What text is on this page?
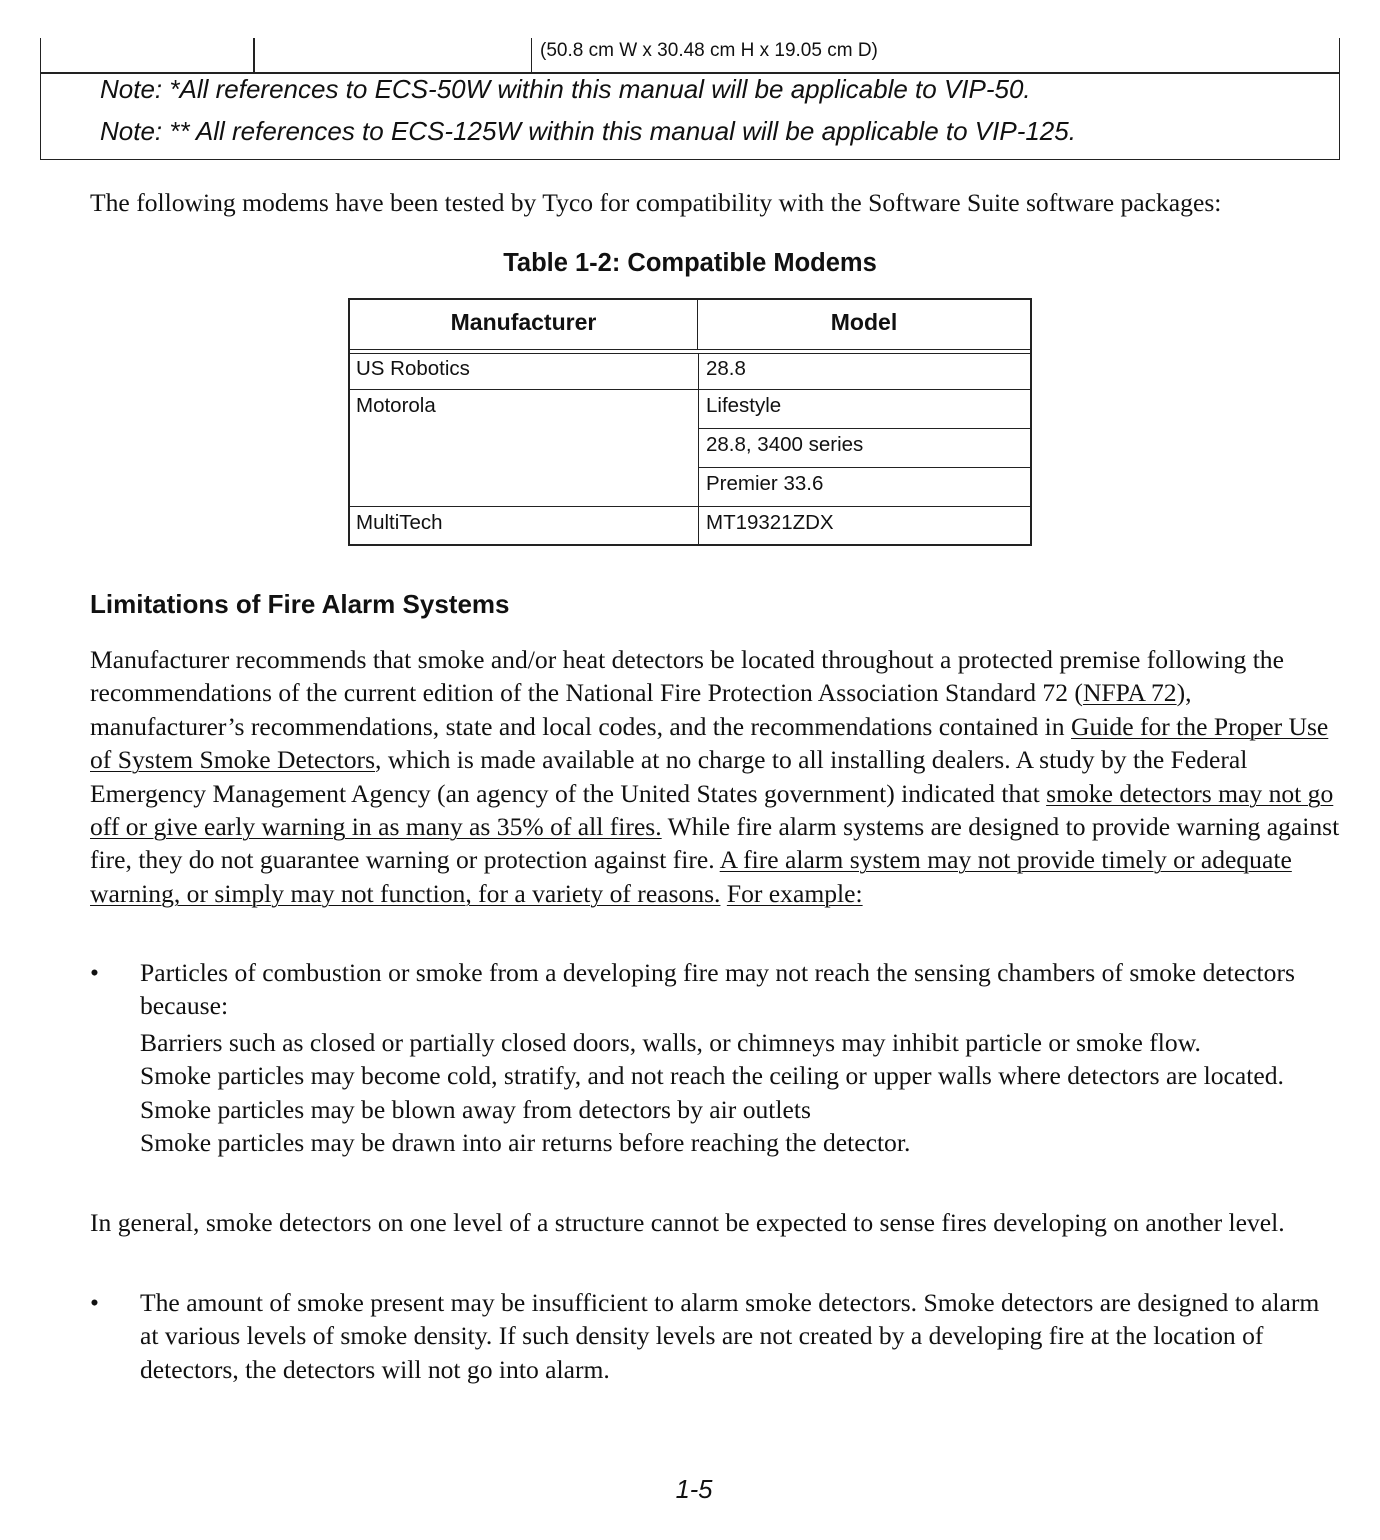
(50.8 cm W x 30.48 cm H x 19.05 cm D)
Note: *All references to ECS-50W within this manual will be applicable to VIP-50.
Note: ** All references to ECS-125W within this manual will be applicable to VIP-125.
The following modems have been tested by Tyco for compatibility with the Software Suite software packages:
Table 1-2: Compatible Modems
Manufacturer	Model
US Robotics	28.8
Motorola	Lifestyle
28.8, 3400 series
Premier 33.6
MultiTech	MT19321ZDX
Limitations of Fire Alarm Systems

Manufacturer recommends that smoke and/or heat detectors be located throughout a protected premise following the recommendations of the current edition of the National Fire Protection Association Standard 72 (NFPA 72), manufacturer’s recommendations, state and local codes, and the recommendations contained in Guide for the Proper Use of System Smoke Detectors, which is made available at no charge to all installing dealers. A study by the Federal Emergency Management Agency (an agency of the United States government) indicated that smoke detectors may not go off or give early warning in as many as 35% of all fires. While fire alarm systems are designed to provide warning against fire, they do not guarantee warning or protection against fire. A fire alarm system may not provide timely or adequate warning, or simply may not function, for a variety of reasons. For example:

• Particles of combustion or smoke from a developing fire may not reach the sensing chambers of smoke detectors because:

Barriers such as closed or partially closed doors, walls, or chimneys may inhibit particle or smoke flow.

Smoke particles may become cold, stratify, and not reach the ceiling or upper walls where detectors are located.

Smoke particles may be blown away from detectors by air outlets

Smoke particles may be drawn into air returns before reaching the detector.

In general, smoke detectors on one level of a structure cannot be expected to sense fires developing on another level.
• The amount of smoke present may be insufficient to alarm smoke detectors. Smoke detectors are designed to alarm at various levels of smoke density. If such density levels are not created by a developing fire at the location of detectors, the detectors will not go into alarm.

1-5
